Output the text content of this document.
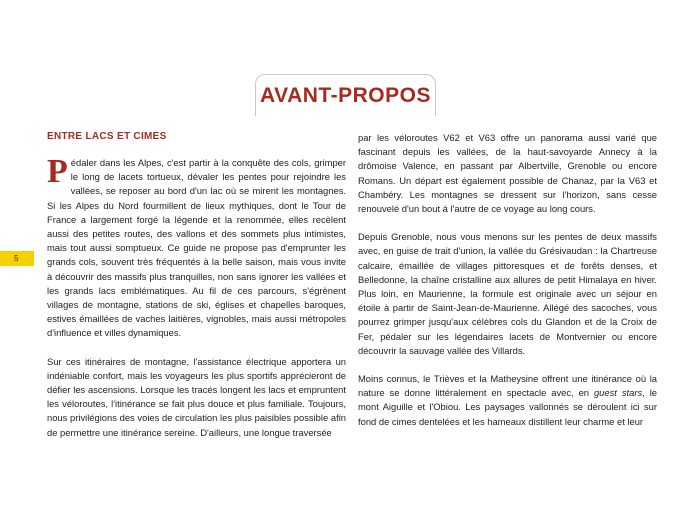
AVANT-PROPOS
5
ENTRE LACS ET CIMES

Pédaler dans les Alpes, c'est partir à la conquête des cols, grimper le long de lacets tortueux, dévaler les pentes pour rejoindre les vallées, se reposer au bord d'un lac où se mirent les montagnes. Si les Alpes du Nord fourmillent de lieux mythiques, dont le Tour de France a largement forgé la légende et la renommée, elles recèlent aussi des petites routes, des vallons et des sommets plus intimistes, mais tout aussi somptueux. Ce guide ne propose pas d'emprunter les grands cols, souvent très fréquentés à la belle saison, mais vous invite à découvrir des massifs plus tranquilles, non sans ignorer les vallées et les grands lacs emblématiques. Au fil de ces parcours, s'égrènent villages de montagne, stations de ski, églises et chapelles baroques, estives émaillées de vaches laitières, vignobles, mais aussi métropoles d'influence et villes dynamiques.

Sur ces itinéraires de montagne, l'assistance électrique apportera un indéniable confort, mais les voyageurs les plus sportifs apprécieront de défier les ascensions. Lorsque les tracés longent les lacs et empruntent les véloroutes, l'itinérance se fait plus douce et plus familiale. Toujours, nous privilégions des voies de circulation les plus paisibles possible afin de permettre une itinérance sereine. D'ailleurs, une longue traversée

par les véloroutes V62 et V63 offre un panorama aussi varié que fascinant depuis les vallées, de la haut-savoyarde Annecy à la drômoise Valence, en passant par Albertville, Grenoble ou encore Romans. Un départ est également possible de Chanaz, par la V63 et Chambéry. Les montagnes se dressent sur l'horizon, sans cesse renouvelé d'un bout à l'autre de ce voyage au long cours.

Depuis Grenoble, nous vous menons sur les pentes de deux massifs avec, en guise de trait d'union, la vallée du Grésivaudan : la Chartreuse calcaire, émaillée de villages pittoresques et de forêts denses, et Belledonne, la chaîne cristalline aux allures de petit Himalaya en hiver. Plus loin, en Maurienne, la formule est originale avec un séjour en étoile à partir de Saint-Jean-de-Maurienne. Allégé des sacoches, vous pourrez grimper jusqu'aux célèbres cols du Glandon et de la Croix de Fer, pédaler sur les légendaires lacets de Montvernier ou encore découvrir la sauvage vallée des Villards.

Moins connus, le Trièves et la Matheysine offrent une itinérance où la nature se donne littéralement en spectacle avec, en guest stars, le mont Aiguille et l'Obiou. Les paysages vallonnés se déroulent ici sur fond de cimes dentelées et les hameaux distillent leur charme et leur
